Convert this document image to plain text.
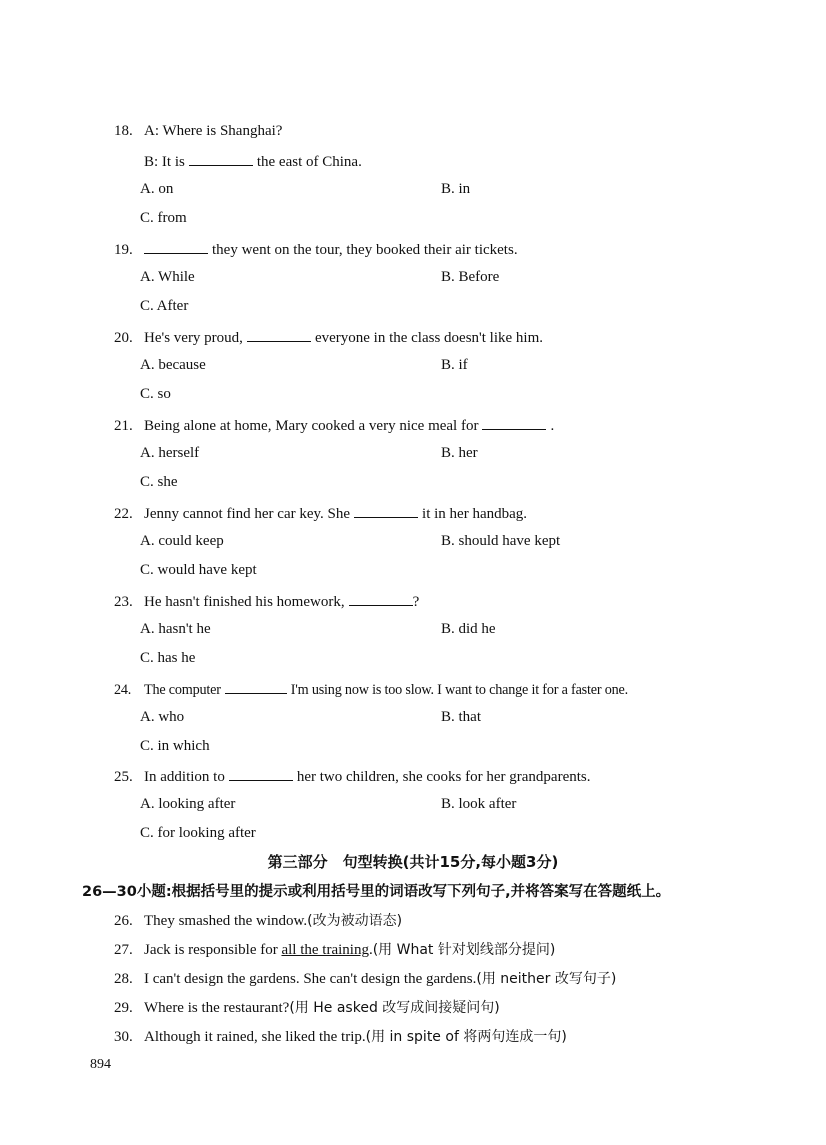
18. A: Where is Shanghai?
B: It is	the east of China.
A. on	B. in
C. from
19.	they went on the tour, they booked their air tickets.
A. While	B. Before
C. After
20. He's very proud,	everyone in the class doesn't like him.
A. because	B. if
C. so
21. Being alone at home, Mary cooked a very nice meal for	.
A. herself	B. her
C. she
22. Jenny cannot find her car key. She	it in her handbag.
A. could keep	B. should have kept
C. would have kept
23. He hasn't finished his homework,	?
A. hasn't he	B. did he
C. has he
24. The computer	I'm using now is too slow. I want to change it for a faster one.
A. who	B. that
C. in which
25. In addition to	her two children, she cooks for her grandparents.
A. looking after	B. look after
C. for looking after
第三部分　句型转换(共计15分,每小题3分)
26—30小题:根据括号里的提示或利用括号里的词语改写下列句子,并将答案写在答题纸上。
26. They smashed the window.(改为被动语态)
27. Jack is responsible for all the training.(用 What 针对划线部分提问)
28. I can't design the gardens. She can't design the gardens.(用 neither 改写句子)
29. Where is the restaurant?(用 He asked 改写成间接疑问句)
30. Although it rained, she liked the trip.(用 in spite of 将两句连成一句)
894
